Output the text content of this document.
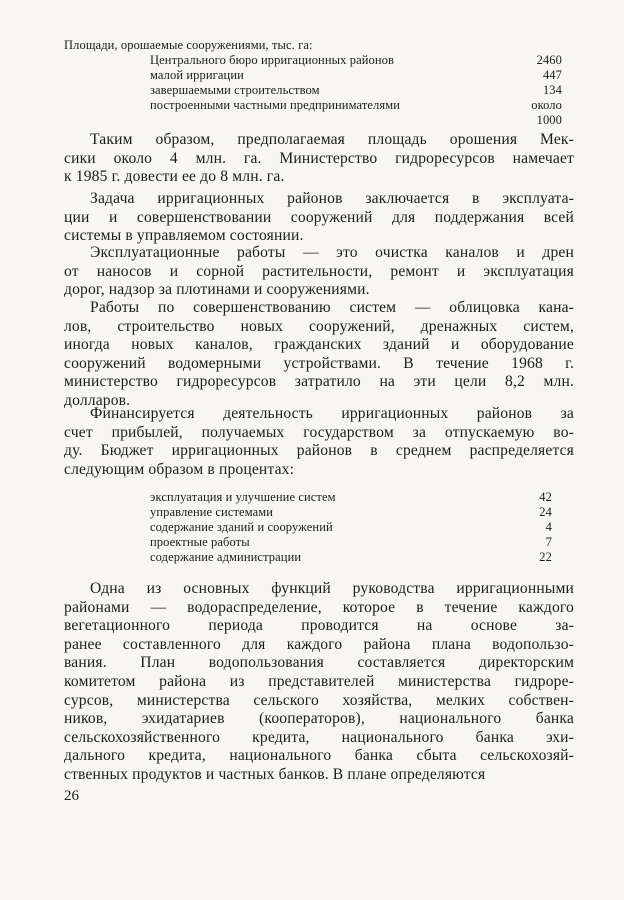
Площади, орошаемые сооружениями, тыс. га:
Центрального бюро ирригационных районов	2460
малой ирригации	447
завершаемыми строительством	134
построенными частными предпринимателями	около
1000

Таким образом, предполагаемая площадь орошения Мек-
сики около 4 млн. га. Министерство гидроресурсов намечает
к 1985 г. довести ее до 8 млн. га.

Задача ирригационных районов заключается в эксплуата-
ции и совершенствовании сооружений для поддержания всей
системы в управляемом состоянии.

Эксплуатационные работы — это очистка каналов и дрен
от наносов и сорной растительности, ремонт и эксплуатация
дорог, надзор за плотинами и сооружениями.

Работы по совершенствованию систем — облицовка кана-
лов, строительство новых сооружений, дренажных систем,
иногда новых каналов, гражданских зданий и оборудование
сооружений водомерными устройствами. В течение 1968 г.
министерство гидроресурсов затратило на эти цели 8,2 млн.
долларов.

Финансируется деятельность ирригационных районов за
счет прибылей, получаемых государством за отпускаемую во-
ду. Бюджет ирригационных районов в среднем распределяется
следующим образом в процентах:

эксплуатация и улучшение систем	42
управление системами	24
содержание зданий и сооружений	4
проектные работы	7
содержание администрации	22

Одна из основных функций руководства ирригационными
районами — водораспределение, которое в течение каждого
вегетационного периода проводится на основе за-
ранее составленного для каждого района плана водопользо-
вания. План водопользования составляется директорским
комитетом района из представителей министерства гидроре-
сурсов, министерства сельского хозяйства, мелких собствен-
ников, эхидатариев (кооператоров), национального банка
сельскохозяйственного кредита, национального банка эхи-
дального кредита, национального банка сбыта сельскохозяй-
ственных продуктов и частных банков. В плане определяются

26
